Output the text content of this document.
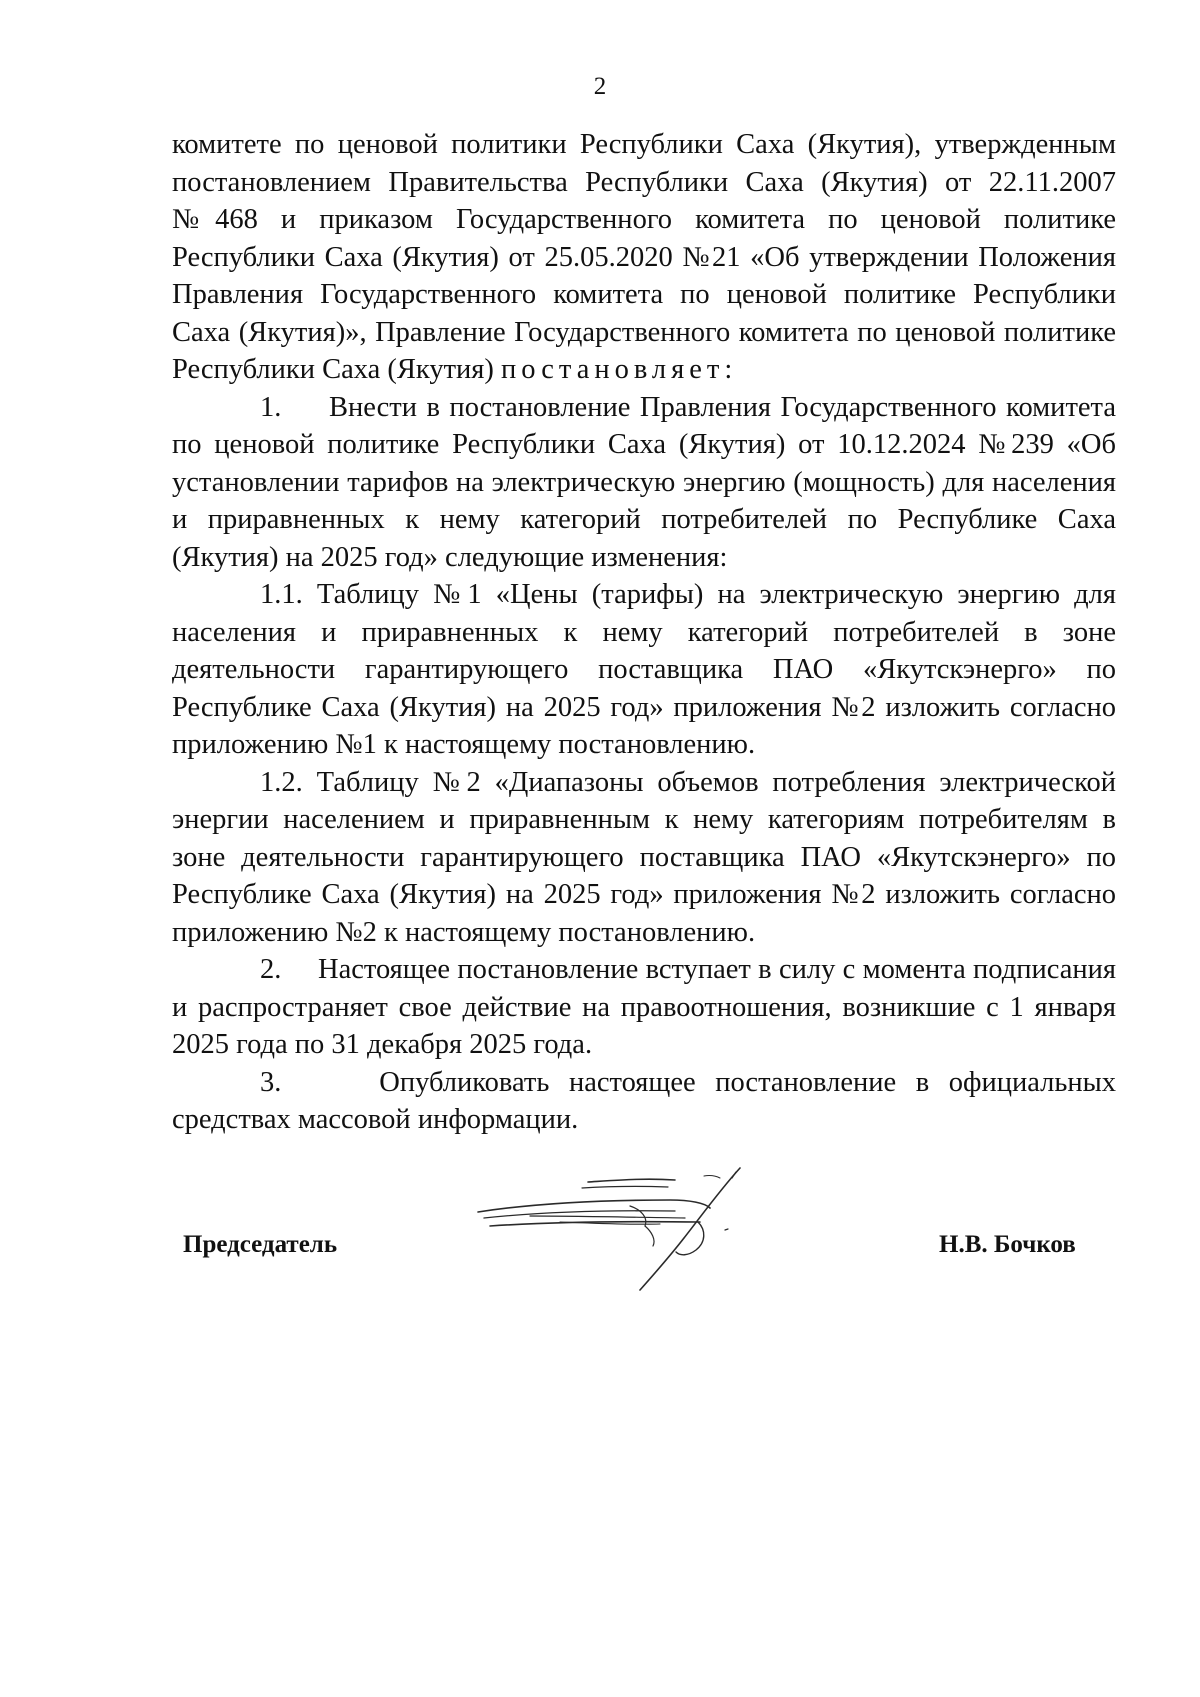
2

комитете по ценовой политики Республики Саха (Якутия), утвержденным постановлением Правительства Республики Саха (Якутия) от 22.11.2007 №468 и приказом Государственного комитета по ценовой политике Республики Саха (Якутия) от 25.05.2020 №21 «Об утверждении Положения Правления Государственного комитета по ценовой политике Республики Саха (Якутия)», Правление Государственного комитета по ценовой политике Республики Саха (Якутия) постановляет:

1. Внести в постановление Правления Государственного комитета по ценовой политике Республики Саха (Якутия) от 10.12.2024 №239 «Об установлении тарифов на электрическую энергию (мощность) для населения и приравненных к нему категорий потребителей по Республике Саха (Якутия) на 2025 год» следующие изменения:

1.1. Таблицу №1 «Цены (тарифы) на электрическую энергию для населения и приравненных к нему категорий потребителей в зоне деятельности гарантирующего поставщика ПАО «Якутскэнерго» по Республике Саха (Якутия) на 2025 год» приложения №2 изложить согласно приложению №1 к настоящему постановлению.

1.2. Таблицу №2 «Диапазоны объемов потребления электрической энергии населением и приравненным к нему категориям потребителям в зоне деятельности гарантирующего поставщика ПАО «Якутскэнерго» по Республике Саха (Якутия) на 2025 год» приложения №2 изложить согласно приложению №2 к настоящему постановлению.

2. Настоящее постановление вступает в силу с момента подписания и распространяет свое действие на правоотношения, возникшие с 1 января 2025 года по 31 декабря 2025 года.

3.	Опубликовать настоящее постановление в официальных средствах массовой информации.

Председатель	Н.В. Бочков
